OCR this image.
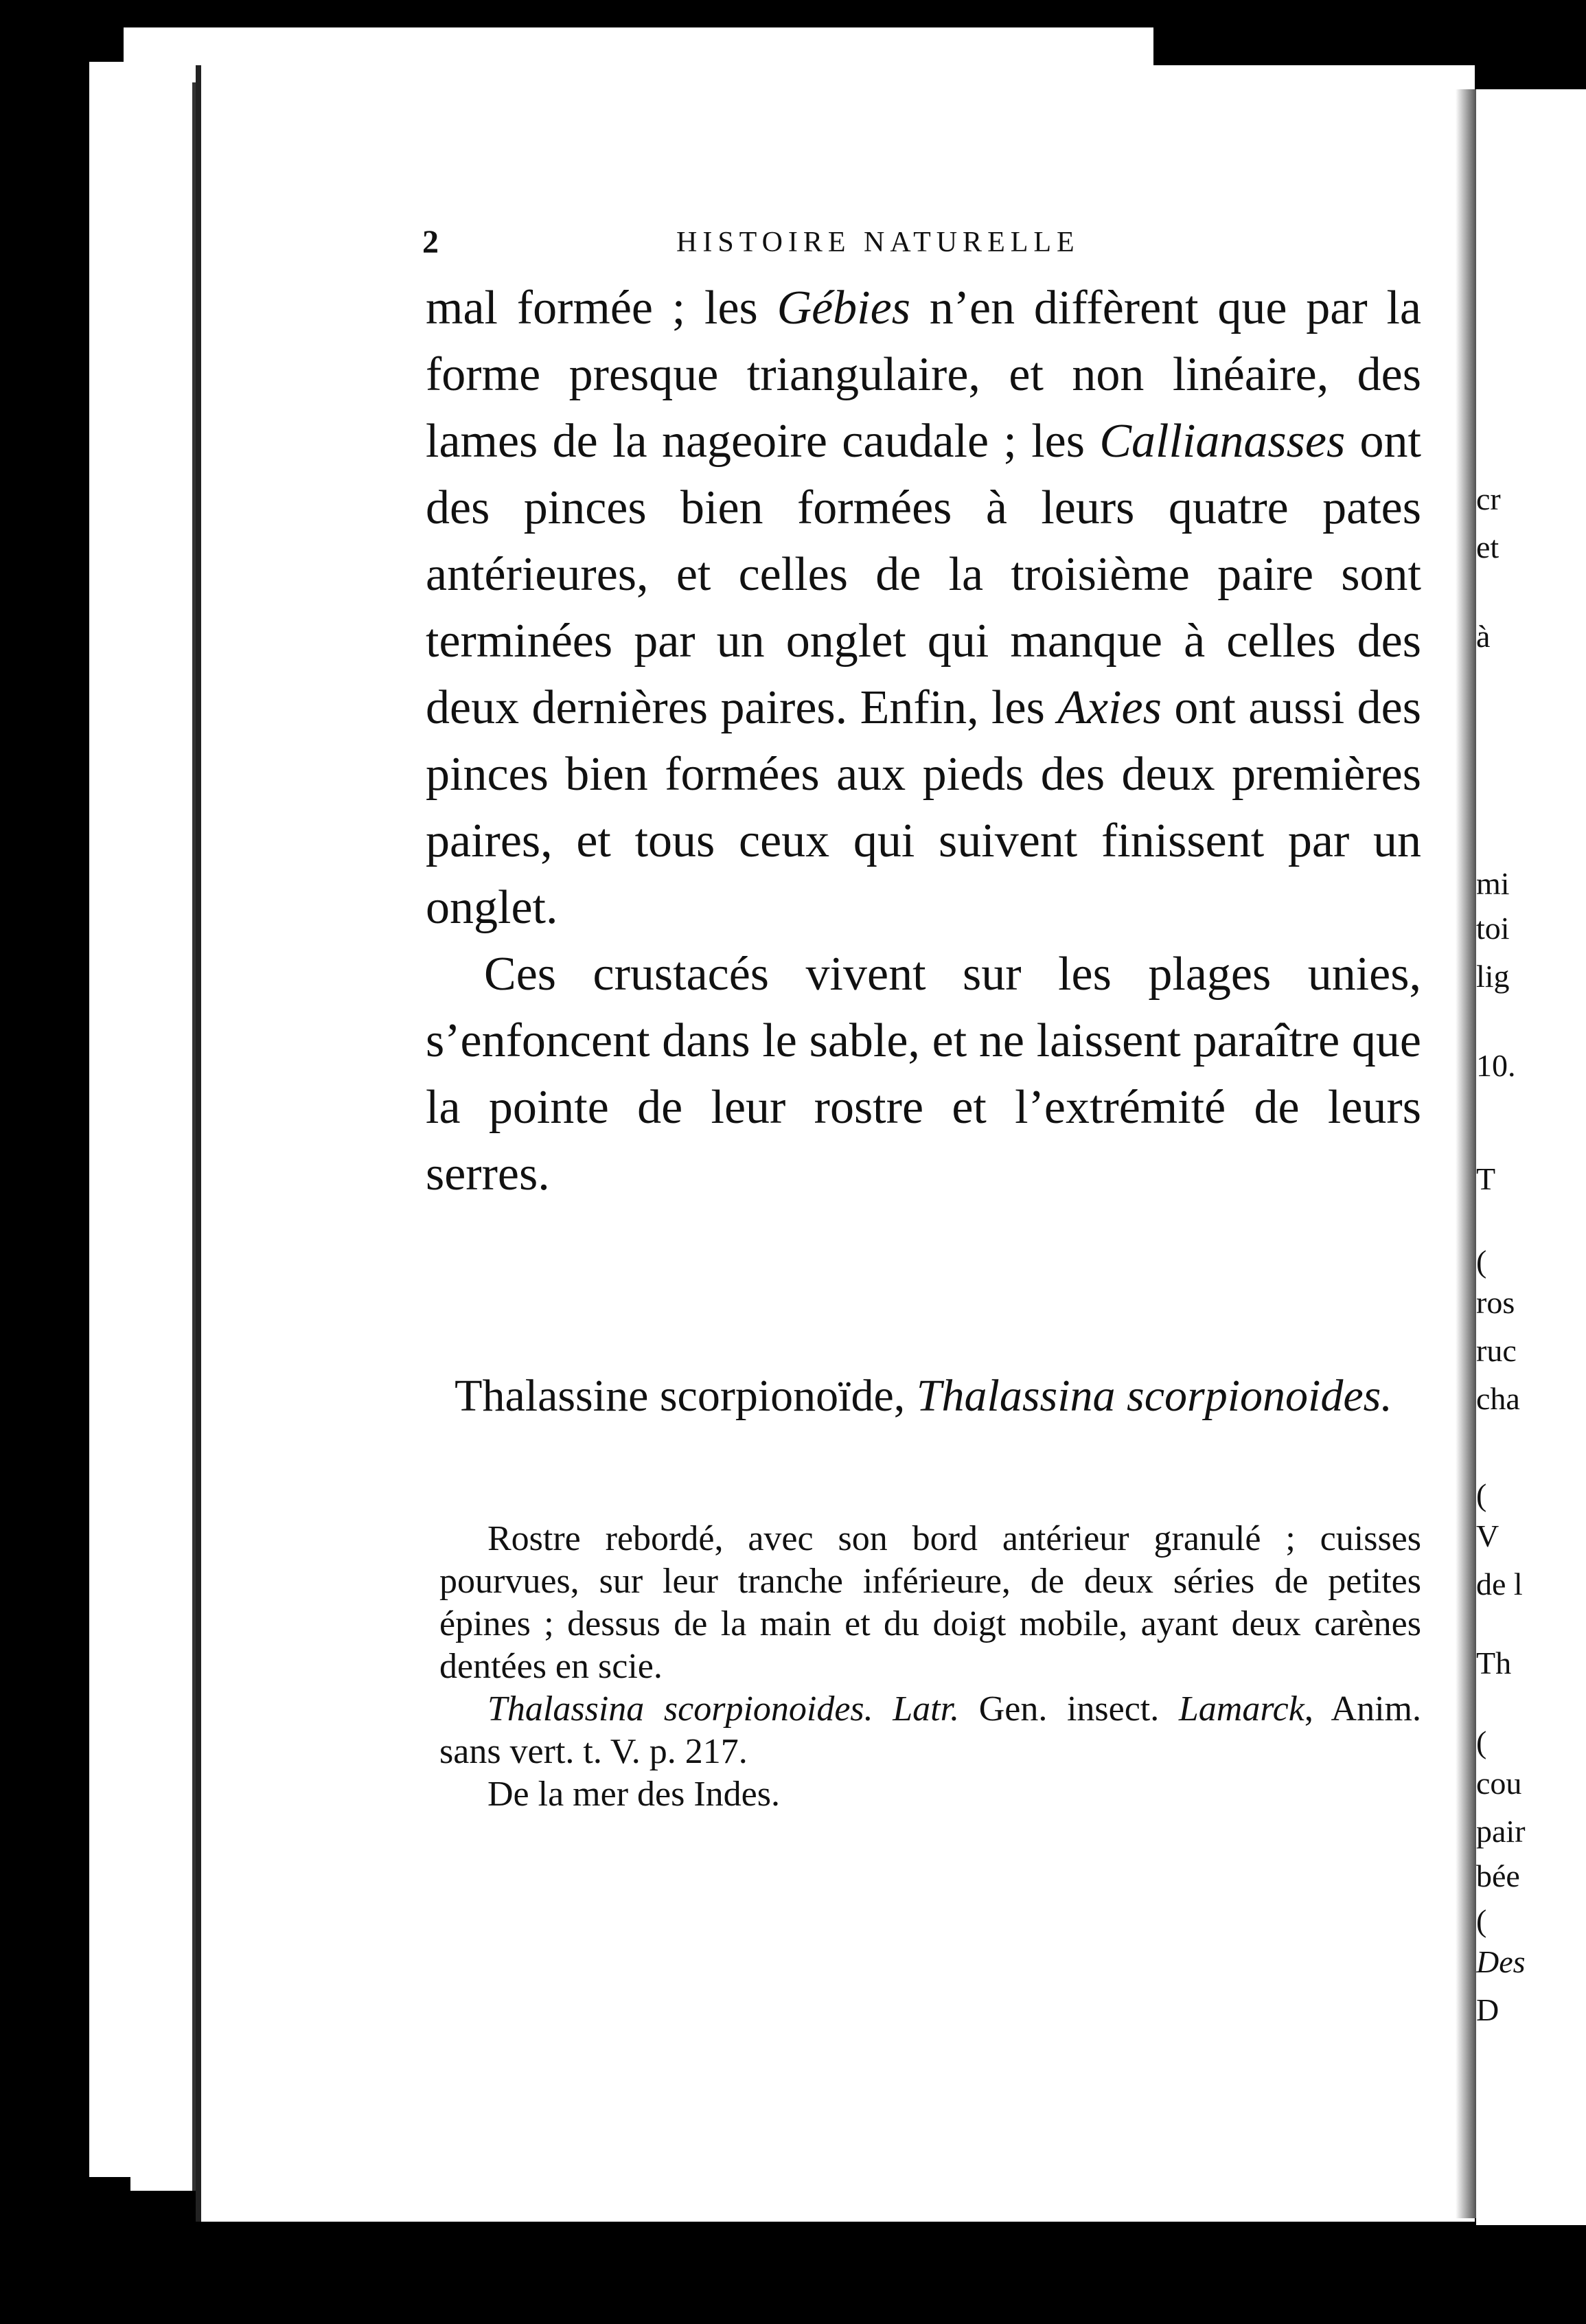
2	HISTOIRE NATURELLE

mal formée ; les Gébies n’en diffèrent que par la forme presque triangulaire, et non linéaire, des lames de la nageoire caudale ; les Callianasses ont des pinces bien formées à leurs quatre pates antérieures, et celles de la troisième paire sont terminées par un onglet qui manque à celles des deux dernières paires. Enfin, les Axies ont aussi des pinces bien formées aux pieds des deux premières paires, et tous ceux qui suivent finissent par un onglet.

Ces crustacés vivent sur les plages unies, s’enfoncent dans le sable, et ne laissent paraître que la pointe de leur rostre et l’extrémité de leurs serres.

Thalassine scorpionoïde, Thalassina scorpionoides.

Rostre rebordé, avec son bord antérieur granulé ; cuisses pourvues, sur leur tranche inférieure, de deux séries de petites épines ; dessus de la main et du doigt mobile, ayant deux carènes dentées en scie.

Thalassina scorpionoides. Latr. Gen. insect. Lamarck, Anim. sans vert. t. V. p. 217.

De la mer des Indes.

cr
et
à
mi
toi
lig
10.
T
(
ros
ruc
cha
(
V
de l
Th
(
cou
pair
bée
(
Des
D
